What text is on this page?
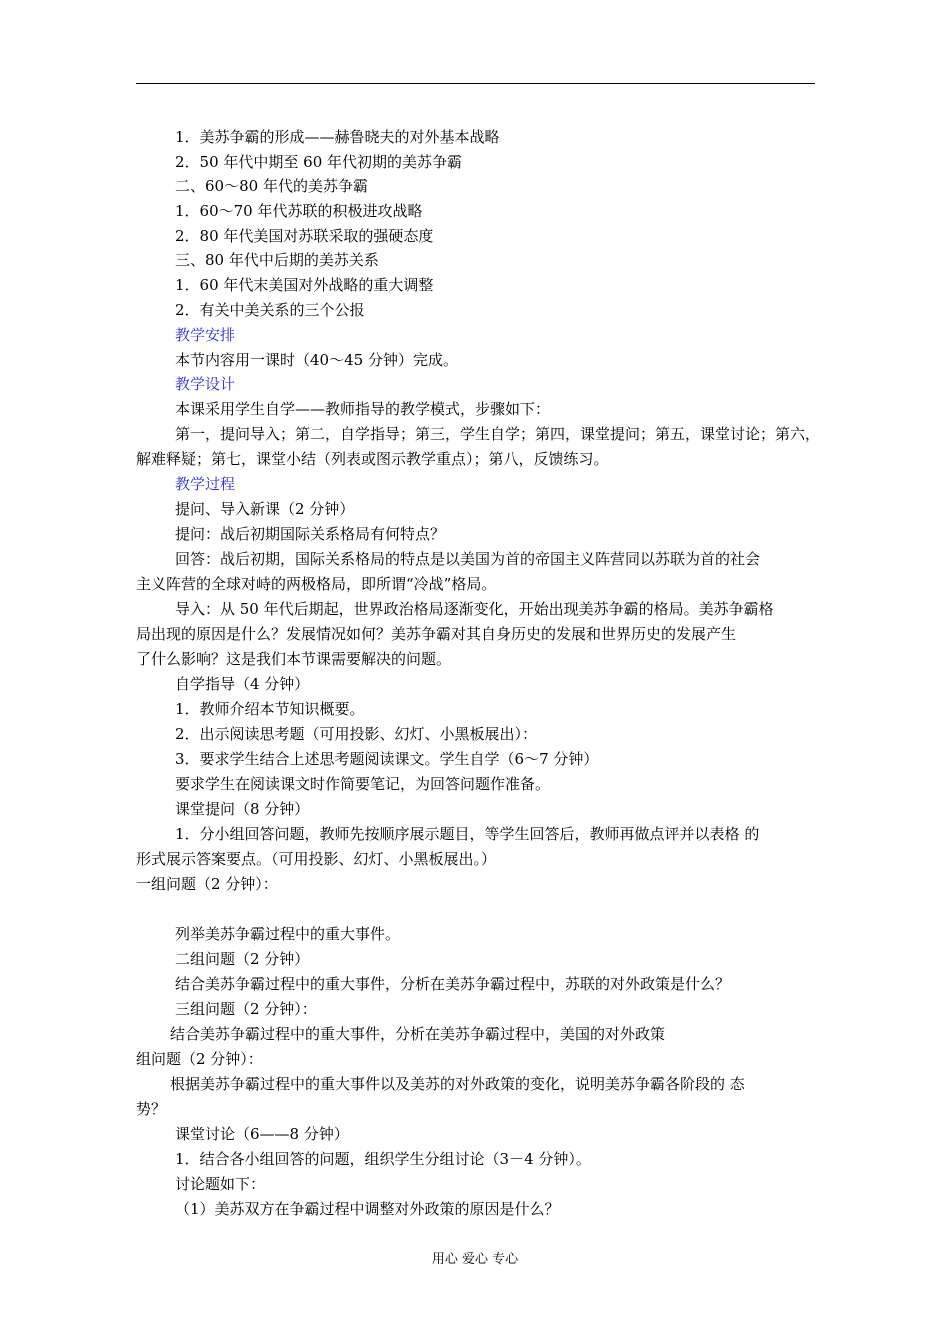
1．美苏争霸的形成——赫鲁晓夫的对外基本战略
2．50 年代中期至 60 年代初期的美苏争霸
二、60～80 年代的美苏争霸
1．60～70 年代苏联的积极进攻战略
2．80 年代美国对苏联采取的强硬态度
三、80 年代中后期的美苏关系
1．60 年代末美国对外战略的重大调整
2．有关中美关系的三个公报
教学安排
本节内容用一课时（40～45 分钟）完成。
教学设计
本课采用学生自学——教师指导的教学模式，步骤如下：
第一，提问导入；第二，自学指导；第三，学生自学；第四，课堂提问；第五，课堂讨论；第六，
解难释疑；第七，课堂小结（列表或图示教学重点）；第八，反馈练习。
教学过程
提问、导入新课（2 分钟）
提问：战后初期国际关系格局有何特点？
回答：战后初期，国际关系格局的特点是以美国为首的帝国主义阵营同以苏联为首的社会
主义阵营的全球对峙的两极格局，即所谓“冷战”格局。
导入：从 50 年代后期起，世界政治格局逐渐变化，开始出现美苏争霸的格局。美苏争霸格
局出现的原因是什么？发展情况如何？美苏争霸对其自身历史的发展和世界历史的发展产生
了什么影响？这是我们本节课需要解决的问题。
自学指导（4 分钟）
1．教师介绍本节知识概要。
2．出示阅读思考题（可用投影、幻灯、小黑板展出）：
3．要求学生结合上述思考题阅读课文。学生自学（6～7 分钟）
要求学生在阅读课文时作简要笔记，为回答问题作准备。
课堂提问（8 分钟）
1．分小组回答问题，教师先按顺序展示题目，等学生回答后，教师再做点评并以表格 的
形式展示答案要点。（可用投影、幻灯、小黑板展出。）
一组问题（2 分钟）：
列举美苏争霸过程中的重大事件。
二组问题（2 分钟）
结合美苏争霸过程中的重大事件，分析在美苏争霸过程中，苏联的对外政策是什么？
三组问题（2 分钟）：
结合美苏争霸过程中的重大事件，分析在美苏争霸过程中，美国的对外政策
组问题（2 分钟）：
根据美苏争霸过程中的重大事件以及美苏的对外政策的变化，说明美苏争霸各阶段的 态
势？
课堂讨论（6——8 分钟）
1．结合各小组回答的问题，组织学生分组讨论（3－4 分钟）。
讨论题如下：
（1）美苏双方在争霸过程中调整对外政策的原因是什么？
用心 爱心 专心
